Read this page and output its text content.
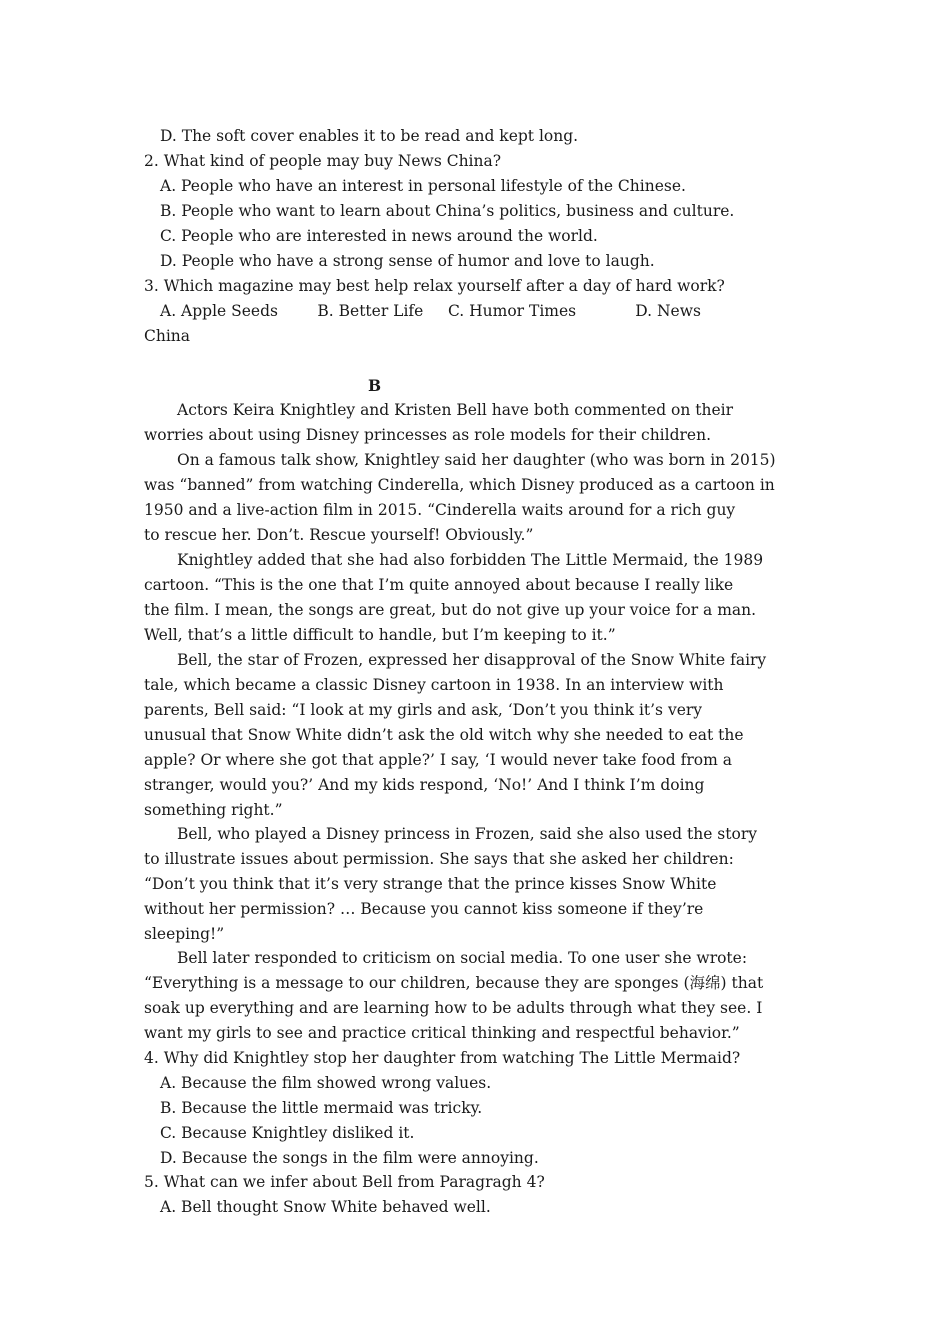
D. The soft cover enables it to be read and kept long.
2. What kind of people may buy News China?
A. People who have an interest in personal lifestyle of the Chinese.
B. People who want to learn about China’s politics, business and culture.
C. People who are interested in news around the world.
D. People who have a strong sense of humor and love to laugh.
3. Which magazine may best help relax yourself after a day of hard work?
A. Apple Seeds        B. Better Life     C. Humor Times            D. News
China
B
Actors Keira Knightley and Kristen Bell have both commented on their
worries about using Disney princesses as role models for their children.
On a famous talk show, Knightley said her daughter (who was born in 2015)
was “banned” from watching Cinderella, which Disney produced as a cartoon in
1950 and a live-action film in 2015. “Cinderella waits around for a rich guy
to rescue her. Don’t. Rescue yourself! Obviously.”
Knightley added that she had also forbidden The Little Mermaid, the 1989
cartoon. “This is the one that I’m quite annoyed about because I really like
the film. I mean, the songs are great, but do not give up your voice for a man.
Well, that’s a little difficult to handle, but I’m keeping to it.”
Bell, the star of Frozen, expressed her disapproval of the Snow White fairy
tale, which became a classic Disney cartoon in 1938. In an interview with
parents, Bell said: “I look at my girls and ask, ‘Don’t you think it’s very
unusual that Snow White didn’t ask the old witch why she needed to eat the
apple? Or where she got that apple?’ I say, ‘I would never take food from a
stranger, would you?’ And my kids respond, ‘No!’ And I think I’m doing
something right.”
Bell, who played a Disney princess in Frozen, said she also used the story
to illustrate issues about permission. She says that she asked her children:
“Don’t you think that it’s very strange that the prince kisses Snow White
without her permission? … Because you cannot kiss someone if they’re
sleeping!”
Bell later responded to criticism on social media. To one user she wrote:
“Everything is a message to our children, because they are sponges (海绵) that
soak up everything and are learning how to be adults through what they see. I
want my girls to see and practice critical thinking and respectful behavior.”
4. Why did Knightley stop her daughter from watching The Little Mermaid?
A. Because the film showed wrong values.
B. Because the little mermaid was tricky.
C. Because Knightley disliked it.
D. Because the songs in the film were annoying.
5. What can we infer about Bell from Paragragh 4?
A. Bell thought Snow White behaved well.
